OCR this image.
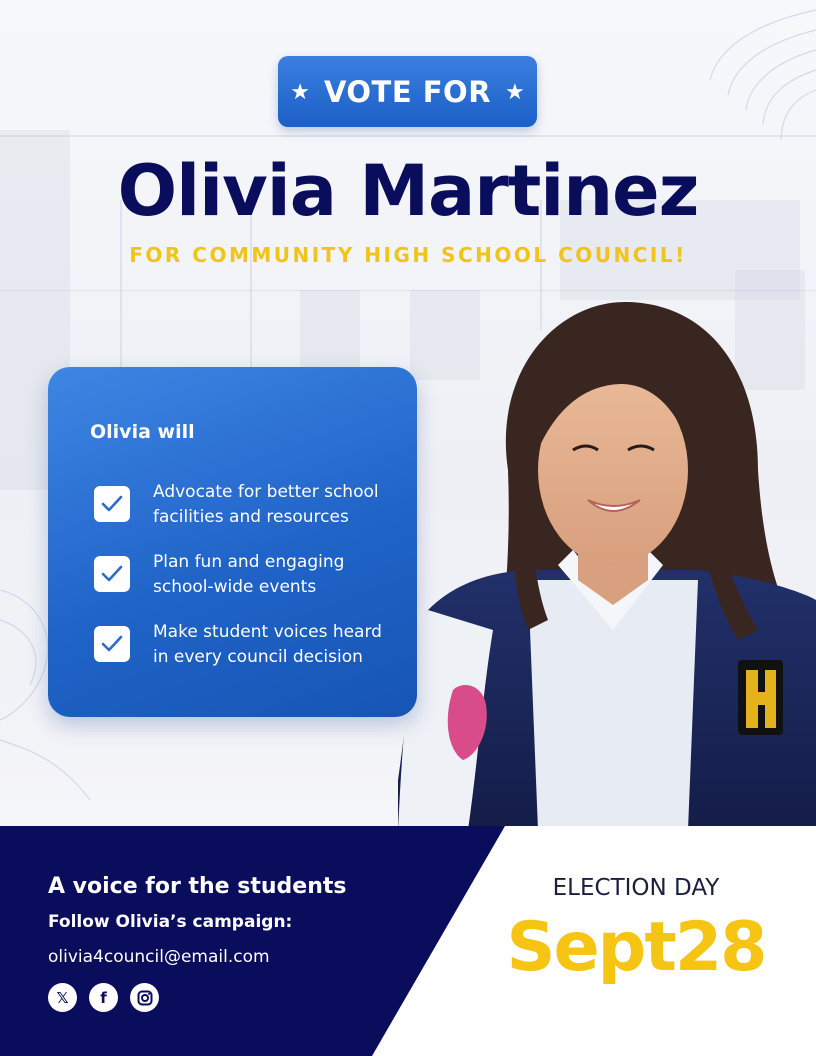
★ VOTE FOR ★
Olivia Martinez
FOR COMMUNITY HIGH SCHOOL COUNCIL!
Olivia will
Advocate for better school facilities and resources
Plan fun and engaging school-wide events
Make student voices heard in every council decision
A voice for the students
Follow Olivia’s campaign:
olivia4council@email.com
𝕏	f
ELECTION DAY
Sept28
